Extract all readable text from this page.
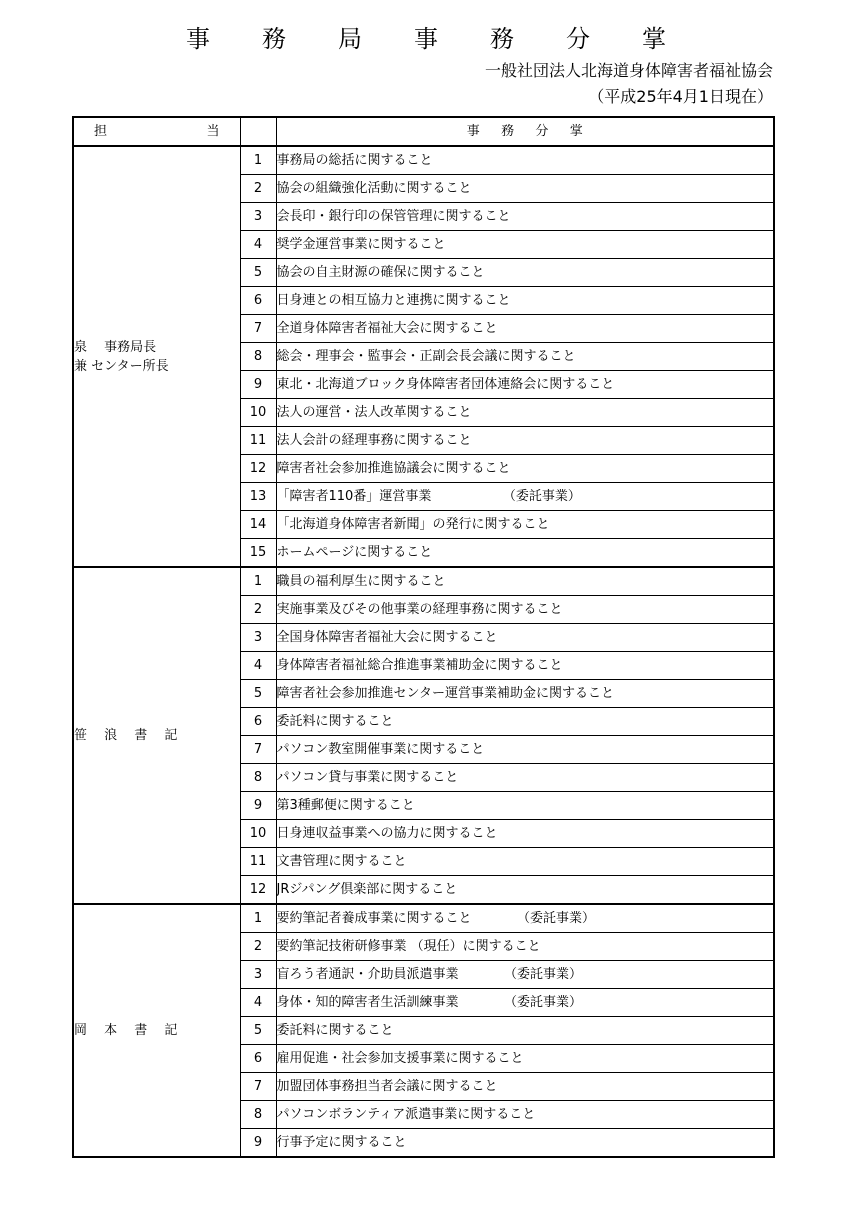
事 務 局 事 務 分 掌
一般社団法人北海道身体障害者福祉協会
（平成25年4月1日現在）
担 当		事 務 分 掌

泉　 事務局長
兼 センター所長	1	事務局の総括に関すること
	2	協会の組織強化活動に関すること
	3	会長印・銀行印の保管管理に関すること
	4	奨学金運営事業に関すること
	5	協会の自主財源の確保に関すること
	6	日身連との相互協力と連携に関すること
	7	全道身体障害者福祉大会に関すること
	8	総会・理事会・監事会・正副会長会議に関すること
	9	東北・北海道ブロック身体障害者団体連絡会に関すること
	10	法人の運営・法人改革関すること
	11	法人会計の経理事務に関すること
	12	障害者社会参加推進協議会に関すること
	13	「障害者110番」運営事業　　　　　　（委託事業）
	14	「北海道身体障害者新聞」の発行に関すること
	15	ホームページに関すること

笹　 浪　 書　 記	1	職員の福利厚生に関すること
	2	実施事業及びその他事業の経理事務に関すること
	3	全国身体障害者福祉大会に関すること
	4	身体障害者福祉総合推進事業補助金に関すること
	5	障害者社会参加推進センター運営事業補助金に関すること
	6	委託料に関すること
	7	パソコン教室開催事業に関すること
	8	パソコン貸与事業に関すること
	9	第3種郵便に関すること
	10	日身連収益事業への協力に関すること
	11	文書管理に関すること
	12	JRジパング倶楽部に関すること

岡　 本　 書　 記	1	要約筆記者養成事業に関すること　　　　（委託事業）
	2	要約筆記技術研修事業 （現任）に関すること
	3	盲ろう者通訳・介助員派遣事業　　　　（委託事業）
	4	身体・知的障害者生活訓練事業　　　　（委託事業）
	5	委託料に関すること
	6	雇用促進・社会参加支援事業に関すること
	7	加盟団体事務担当者会議に関すること
	8	パソコンボランティア派遣事業に関すること
	9	行事予定に関すること
